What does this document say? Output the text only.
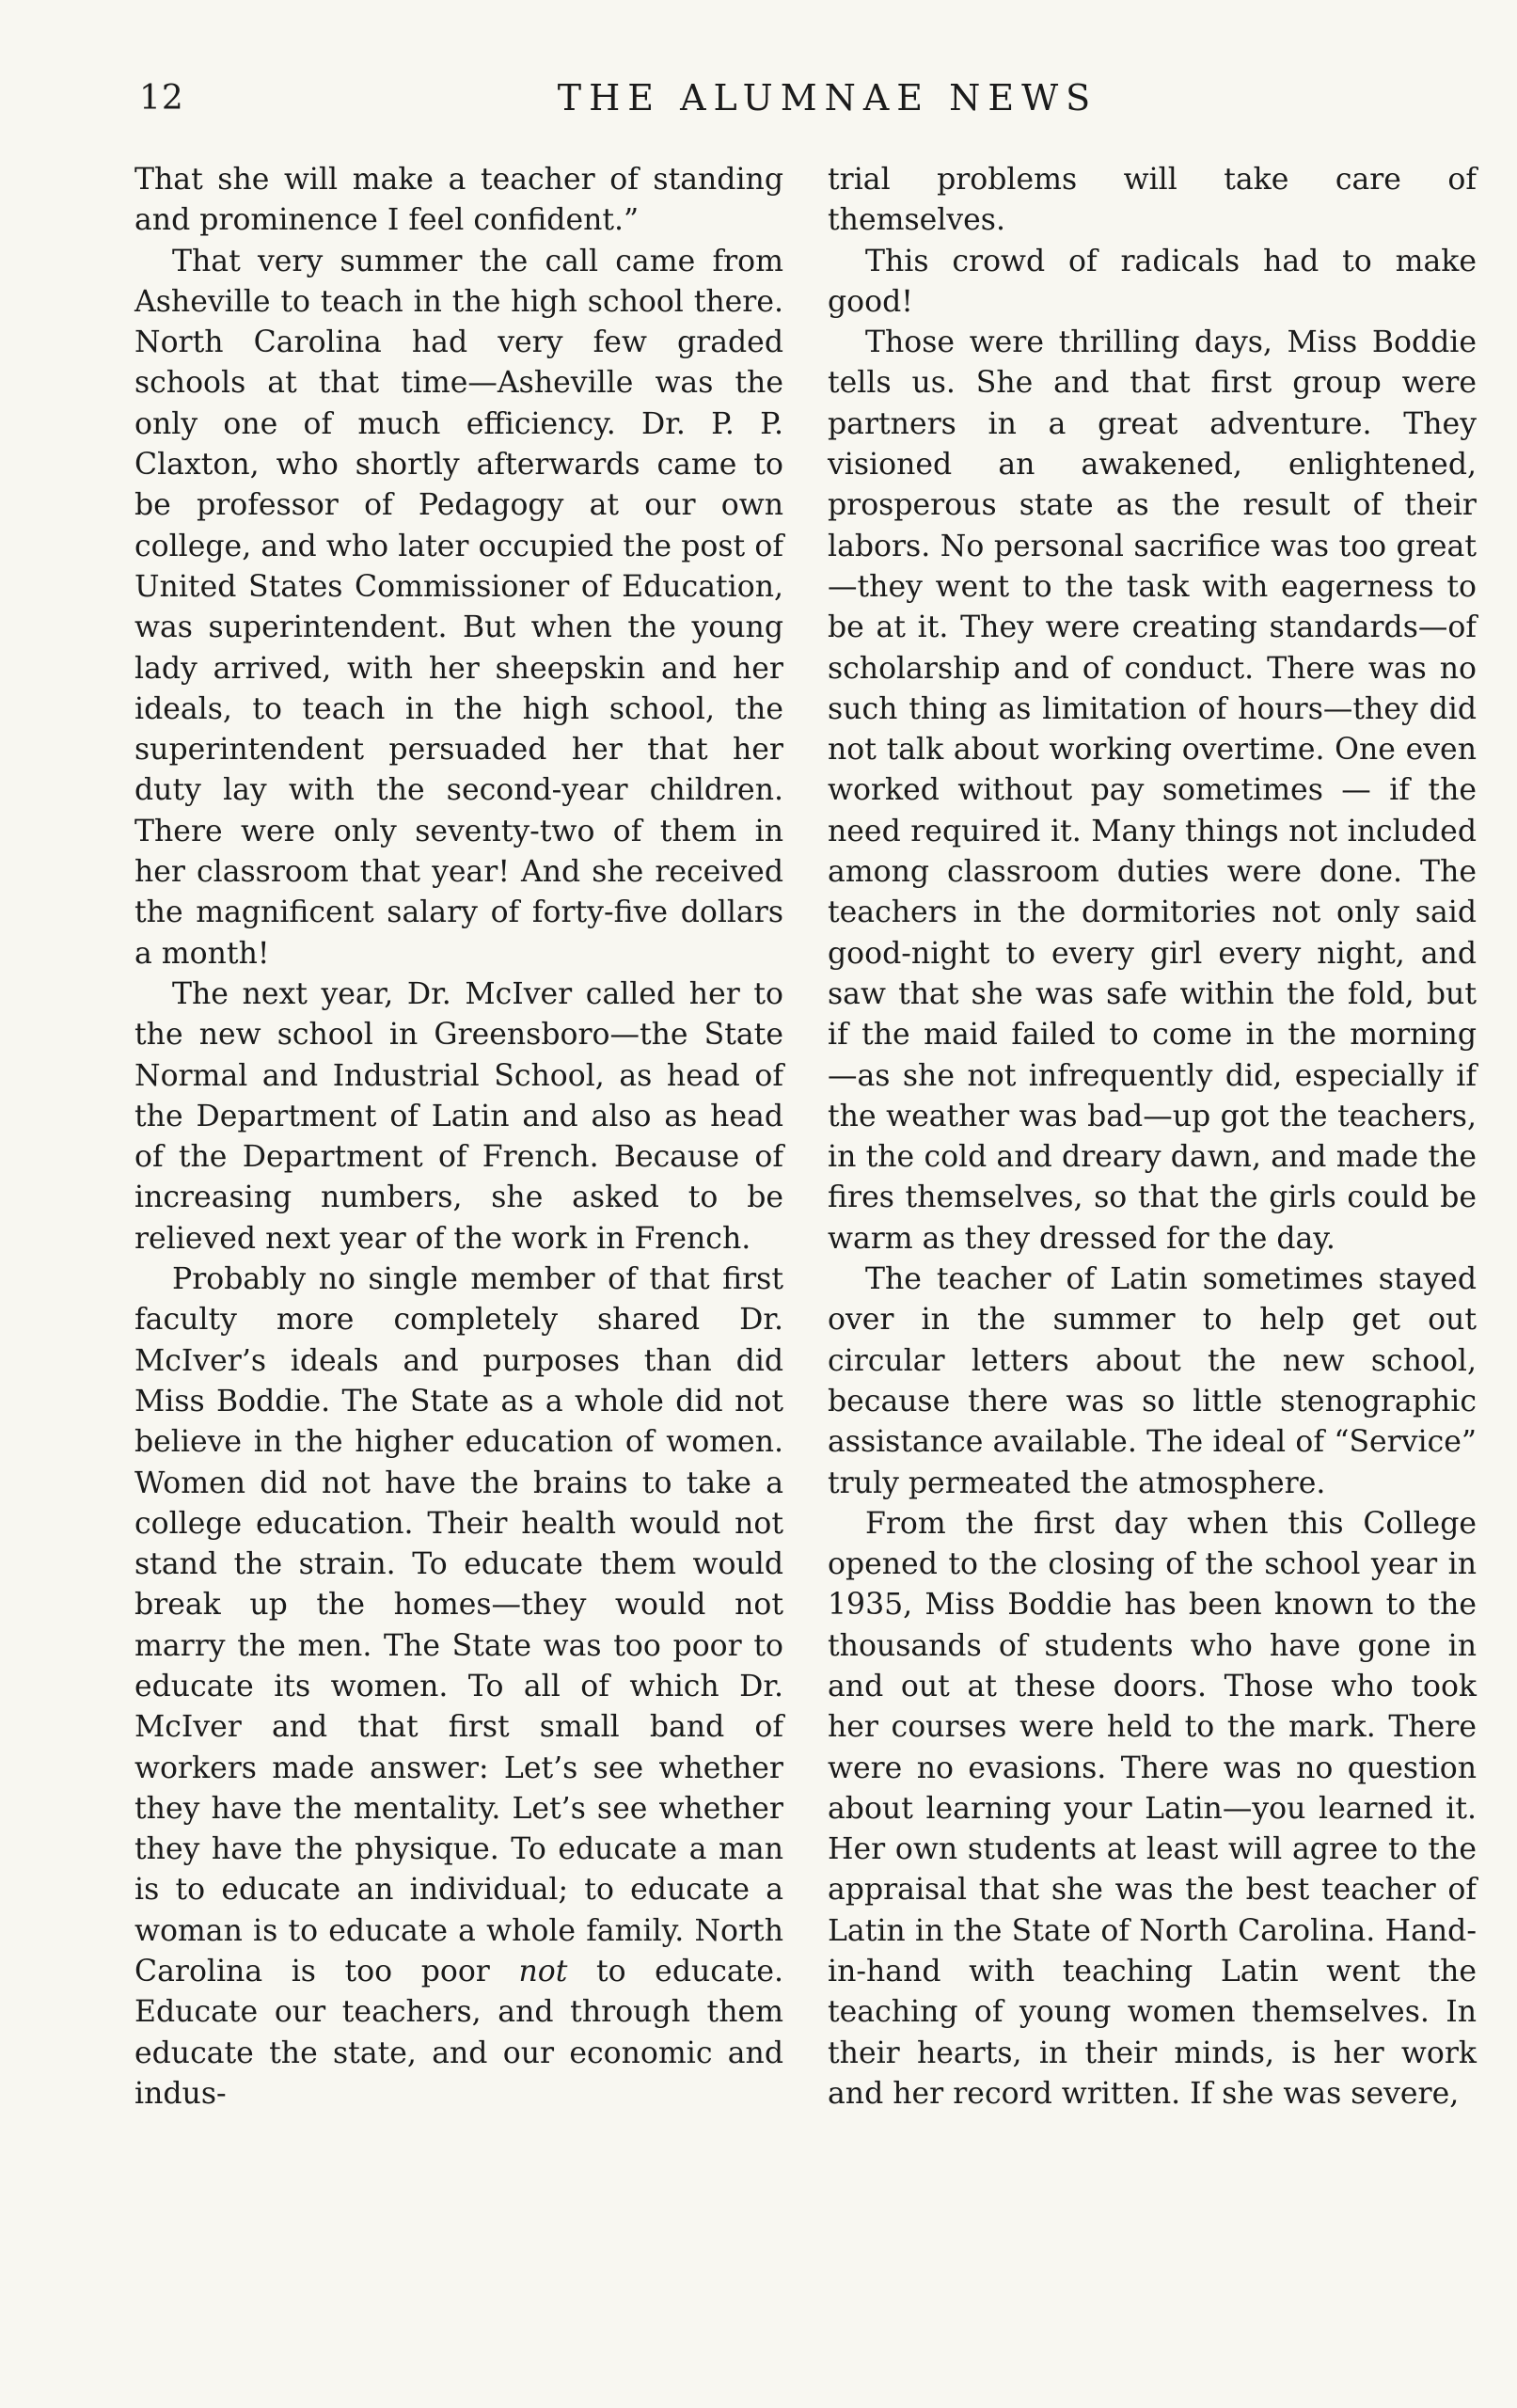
12	THE ALUMNAE NEWS

That she will make a teacher of standing and prominence I feel confident.”

That very summer the call came from Asheville to teach in the high school there. North Carolina had very few graded schools at that time—Asheville was the only one of much efficiency. Dr. P. P. Claxton, who shortly afterwards came to be professor of Pedagogy at our own college, and who later occupied the post of United States Commissioner of Education, was superintendent. But when the young lady arrived, with her sheepskin and her ideals, to teach in the high school, the superintendent persuaded her that her duty lay with the second-year children. There were only seventy-two of them in her classroom that year! And she received the magnificent salary of forty-five dollars a month!

The next year, Dr. McIver called her to the new school in Greensboro—the State Normal and Industrial School, as head of the Department of Latin and also as head of the Department of French. Because of increasing numbers, she asked to be relieved next year of the work in French.

Probably no single member of that first faculty more completely shared Dr. McIver’s ideals and purposes than did Miss Boddie. The State as a whole did not believe in the higher education of women. Women did not have the brains to take a college education. Their health would not stand the strain. To educate them would break up the homes—they would not marry the men. The State was too poor to educate its women. To all of which Dr. McIver and that first small band of workers made answer: Let’s see whether they have the mentality. Let’s see whether they have the physique. To educate a man is to educate an individual; to educate a woman is to educate a whole family. North Carolina is too poor not to educate. Educate our teachers, and through them educate the state, and our economic and indus-

trial problems will take care of themselves.

This crowd of radicals had to make good!

Those were thrilling days, Miss Boddie tells us. She and that first group were partners in a great adventure. They visioned an awakened, enlightened, prosperous state as the result of their labors. No personal sacrifice was too great—they went to the task with eagerness to be at it. They were creating standards—of scholarship and of conduct. There was no such thing as limitation of hours—they did not talk about working overtime. One even worked without pay sometimes — if the need required it. Many things not included among classroom duties were done. The teachers in the dormitories not only said good-night to every girl every night, and saw that she was safe within the fold, but if the maid failed to come in the morning —as she not infrequently did, especially if the weather was bad—up got the teachers, in the cold and dreary dawn, and made the fires themselves, so that the girls could be warm as they dressed for the day.

The teacher of Latin sometimes stayed over in the summer to help get out circular letters about the new school, because there was so little stenographic assistance available. The ideal of “Service” truly permeated the atmosphere.

From the first day when this College opened to the closing of the school year in 1935, Miss Boddie has been known to the thousands of students who have gone in and out at these doors. Those who took her courses were held to the mark. There were no evasions. There was no question about learning your Latin—you learned it. Her own students at least will agree to the appraisal that she was the best teacher of Latin in the State of North Carolina. Hand-in-hand with teaching Latin went the teaching of young women themselves. In their hearts, in their minds, is her work and her record written. If she was severe,
